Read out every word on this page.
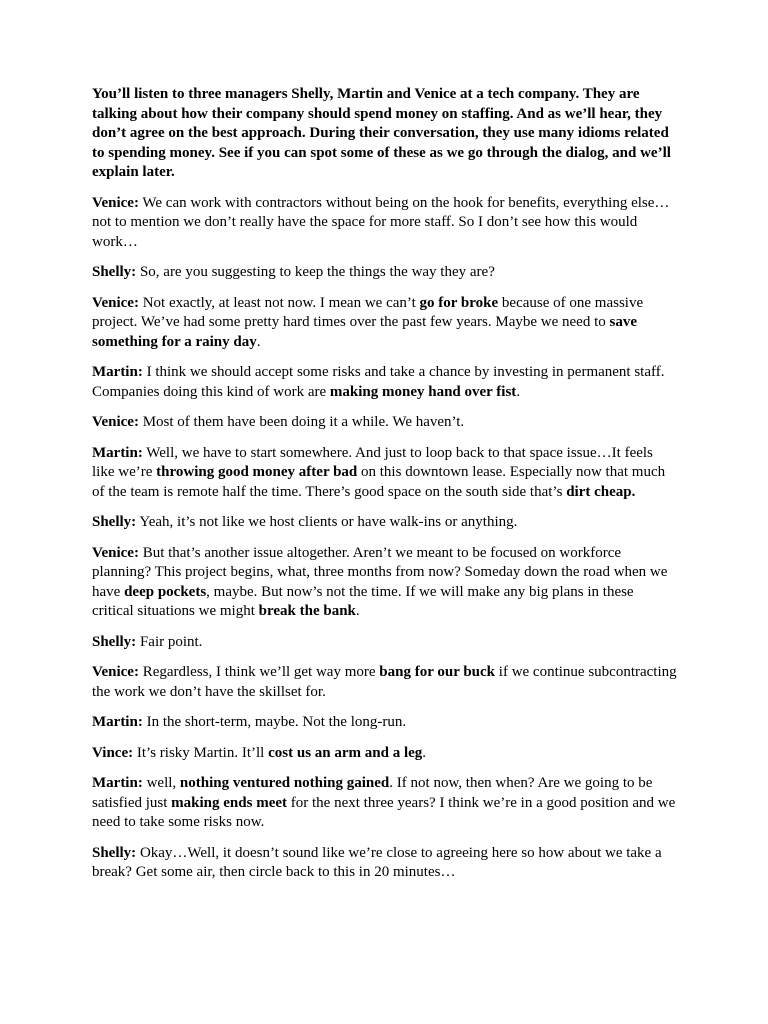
You’ll listen to three managers Shelly, Martin and Venice at a tech company. They are talking about how their company should spend money on staffing. And as we’ll hear, they don’t agree on the best approach. During their conversation, they use many idioms related to spending money. See if you can spot some of these as we go through the dialog, and we’ll explain later.

Venice: We can work with contractors without being on the hook for benefits, everything else… not to mention we don’t really have the space for more staff. So I don’t see how this would work…

Shelly: So, are you suggesting to keep the things the way they are?

Venice: Not exactly, at least not now. I mean we can’t go for broke because of one massive project. We’ve had some pretty hard times over the past few years. Maybe we need to save something for a rainy day.

Martin: I think we should accept some risks and take a chance by investing in permanent staff. Companies doing this kind of work are making money hand over fist.

Venice: Most of them have been doing it a while. We haven’t.

Martin: Well, we have to start somewhere. And just to loop back to that space issue…It feels like we’re throwing good money after bad on this downtown lease. Especially now that much of the team is remote half the time. There’s good space on the south side that’s dirt cheap.

Shelly: Yeah, it’s not like we host clients or have walk-ins or anything.

Venice: But that’s another issue altogether. Aren’t we meant to be focused on workforce planning? This project begins, what, three months from now? Someday down the road when we have deep pockets, maybe. But now’s not the time. If we will make any big plans in these critical situations we might break the bank.

Shelly: Fair point.

Venice: Regardless, I think we’ll get way more bang for our buck if we continue subcontracting the work we don’t have the skillset for.

Martin: In the short-term, maybe. Not the long-run.

Vince: It’s risky Martin. It’ll cost us an arm and a leg.

Martin: well, nothing ventured nothing gained. If not now, then when? Are we going to be satisfied just making ends meet for the next three years? I think we’re in a good position and we need to take some risks now.

Shelly: Okay…Well, it doesn’t sound like we’re close to agreeing here so how about we take a break? Get some air, then circle back to this in 20 minutes…
